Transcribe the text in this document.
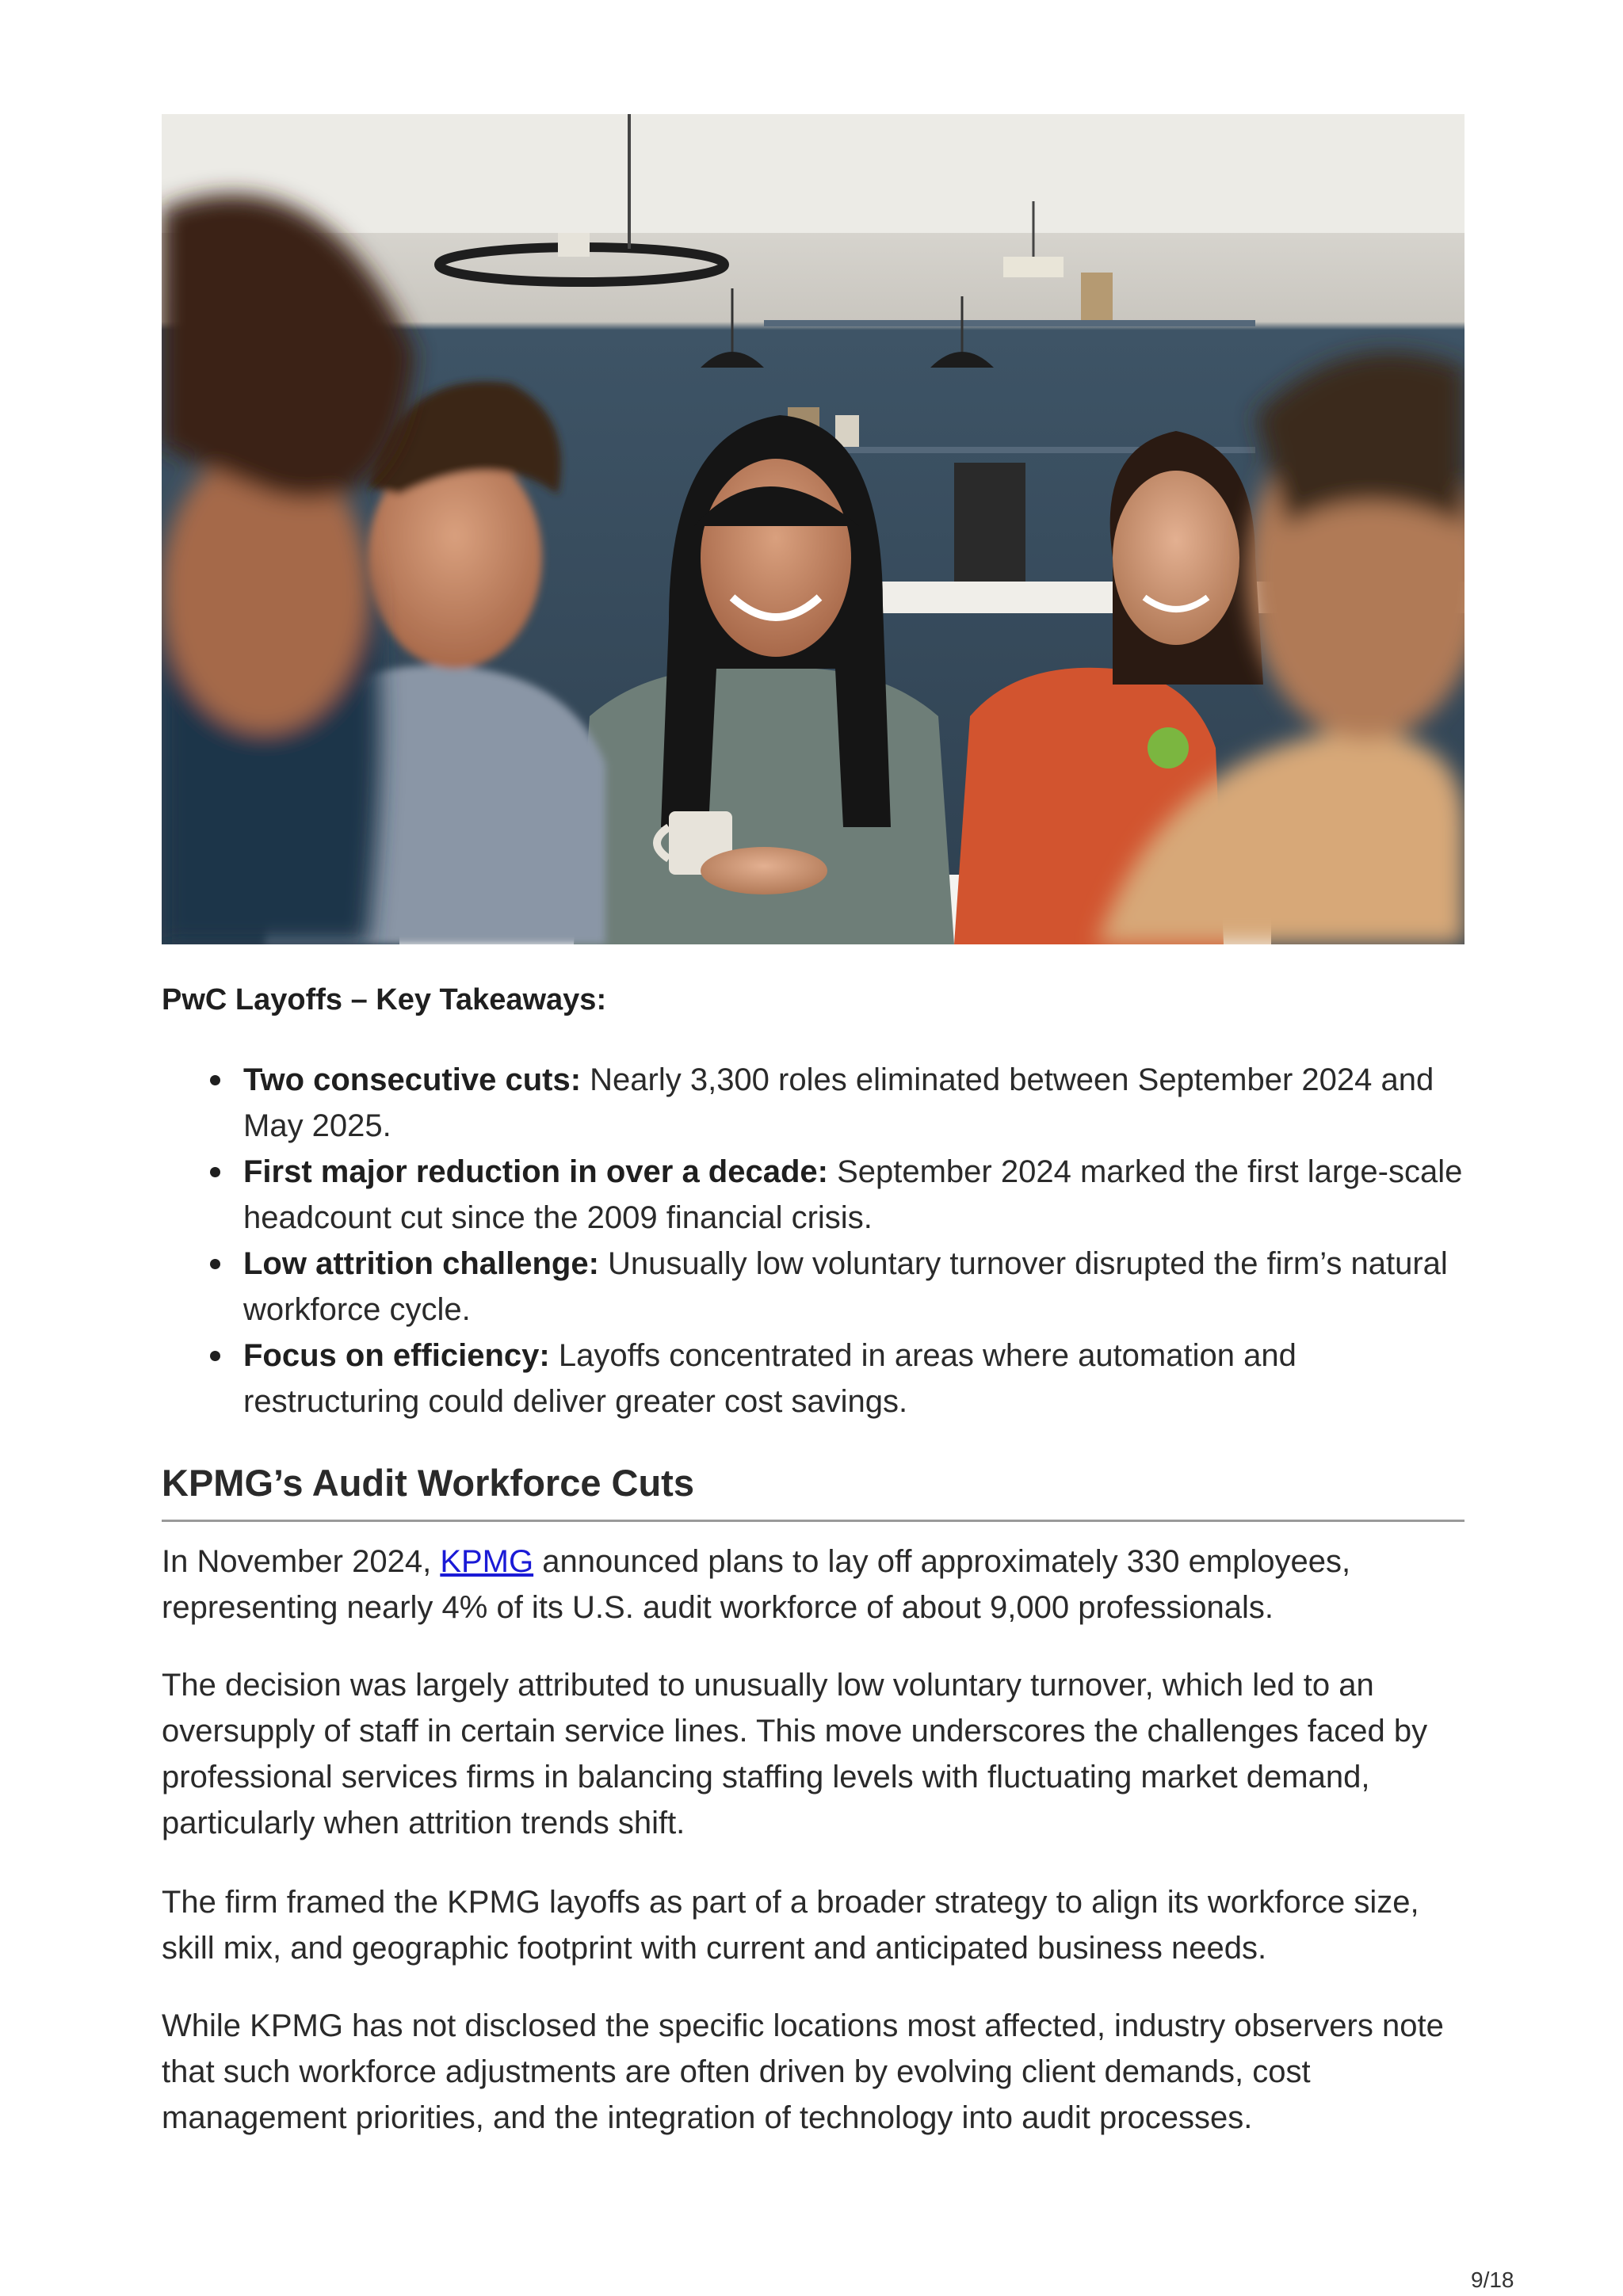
PwC Layoffs – Key Takeaways:
Two consecutive cuts: Nearly 3,300 roles eliminated between September 2024 and May 2025.
First major reduction in over a decade: September 2024 marked the first large-scale headcount cut since the 2009 financial crisis.
Low attrition challenge: Unusually low voluntary turnover disrupted the firm’s natural workforce cycle.
Focus on efficiency: Layoffs concentrated in areas where automation and restructuring could deliver greater cost savings.
KPMG’s Audit Workforce Cuts

In November 2024, KPMG announced plans to lay off approximately 330 employees, representing nearly 4% of its U.S. audit workforce of about 9,000 professionals.

The decision was largely attributed to unusually low voluntary turnover, which led to an oversupply of staff in certain service lines. This move underscores the challenges faced by professional services firms in balancing staffing levels with fluctuating market demand, particularly when attrition trends shift.

The firm framed the KPMG layoffs as part of a broader strategy to align its workforce size, skill mix, and geographic footprint with current and anticipated business needs.

While KPMG has not disclosed the specific locations most affected, industry observers note that such workforce adjustments are often driven by evolving client demands, cost management priorities, and the integration of technology into audit processes.

9/18
